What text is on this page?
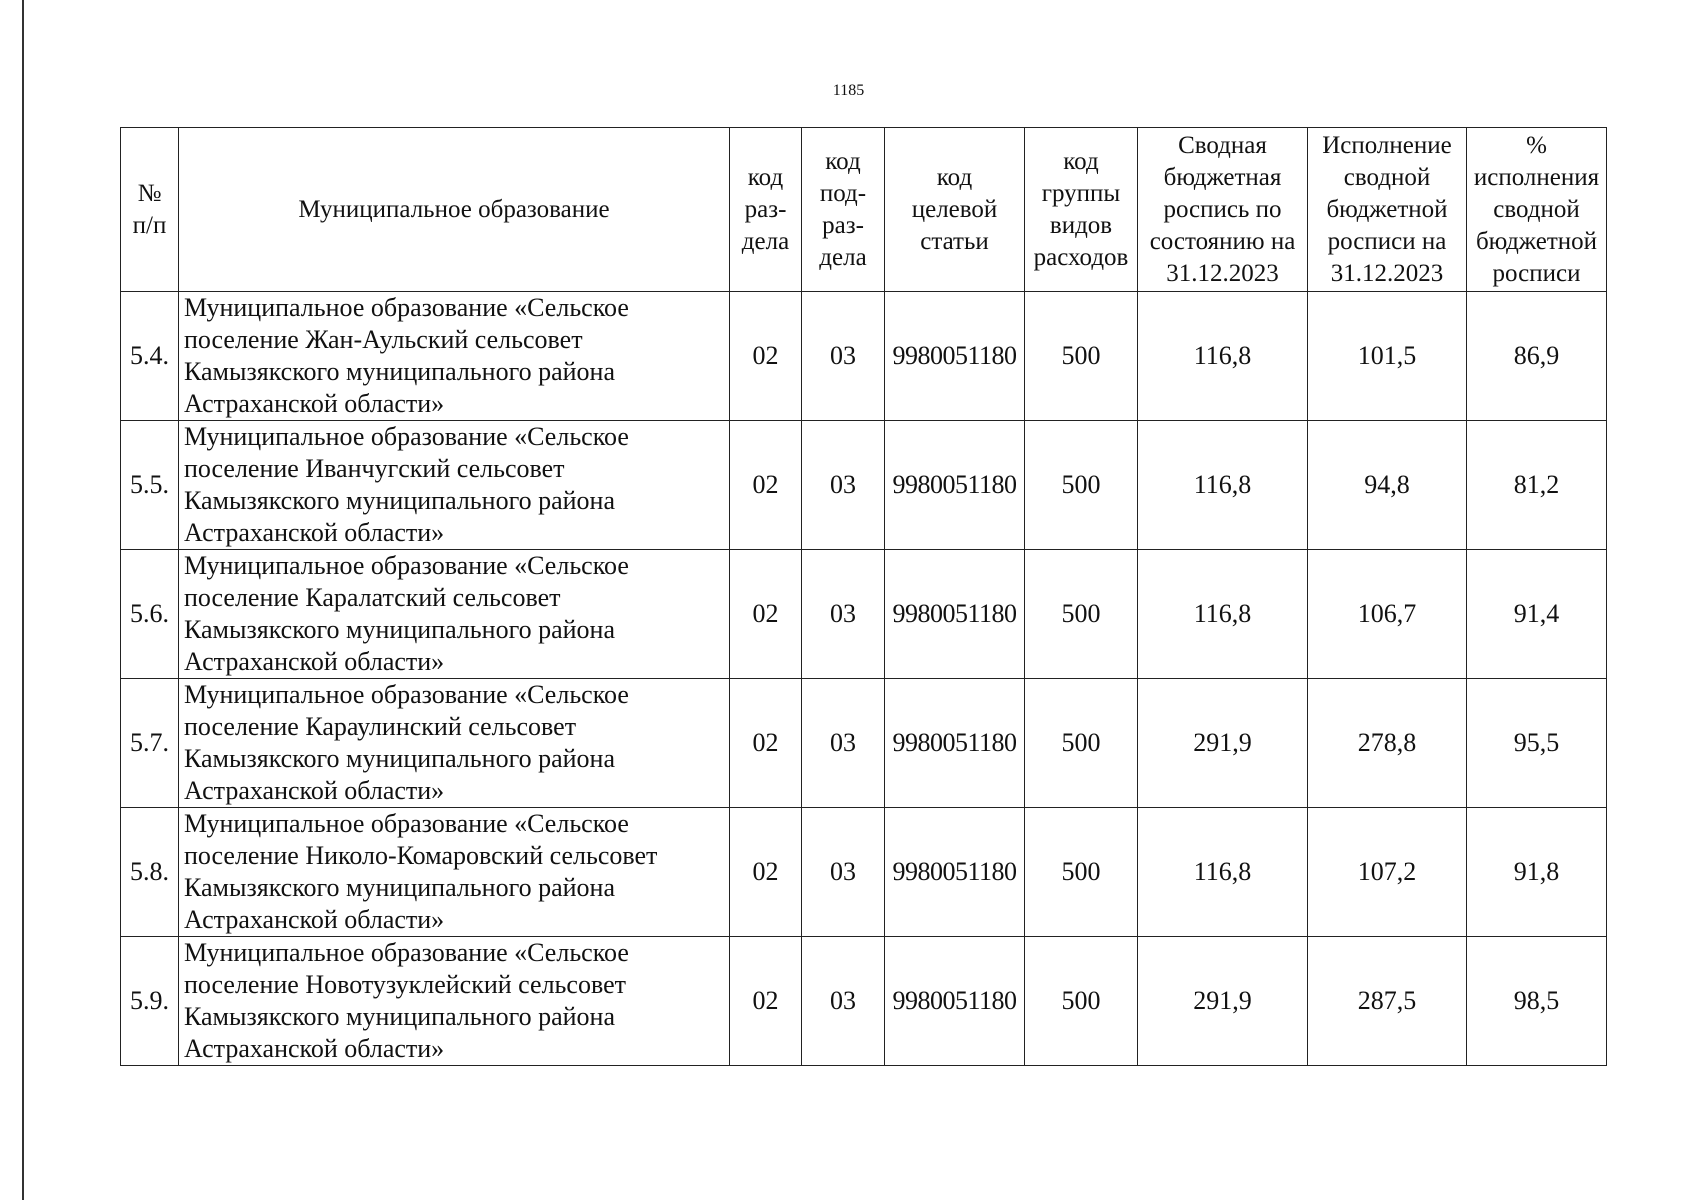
1185
№
п/п	Муниципальное образование	код
раз-
дела	код
под-
раз-
дела	код
целевой
статьи	код
группы
видов
расходов	Сводная
бюджетная
роспись по
состоянию на
31.12.2023	Исполнение
сводной
бюджетной
росписи на
31.12.2023	%
исполнения
сводной
бюджетной
росписи
5.4.	Муниципальное образование «Сельское
поселение Жан-Аульский сельсовет
Камызякского муниципального района
Астраханской области»	02	03	9980051180	500	116,8	101,5	86,9
5.5.	Муниципальное образование «Сельское
поселение Иванчугский сельсовет
Камызякского муниципального района
Астраханской области»	02	03	9980051180	500	116,8	94,8	81,2
5.6.	Муниципальное образование «Сельское
поселение Каралатский сельсовет
Камызякского муниципального района
Астраханской области»	02	03	9980051180	500	116,8	106,7	91,4
5.7.	Муниципальное образование «Сельское
поселение Караулинский сельсовет
Камызякского муниципального района
Астраханской области»	02	03	9980051180	500	291,9	278,8	95,5
5.8.	Муниципальное образование «Сельское
поселение Николо-Комаровский сельсовет
Камызякского муниципального района
Астраханской области»	02	03	9980051180	500	116,8	107,2	91,8
5.9.	Муниципальное образование «Сельское
поселение Новотузуклейский сельсовет
Камызякского муниципального района
Астраханской области»	02	03	9980051180	500	291,9	287,5	98,5
